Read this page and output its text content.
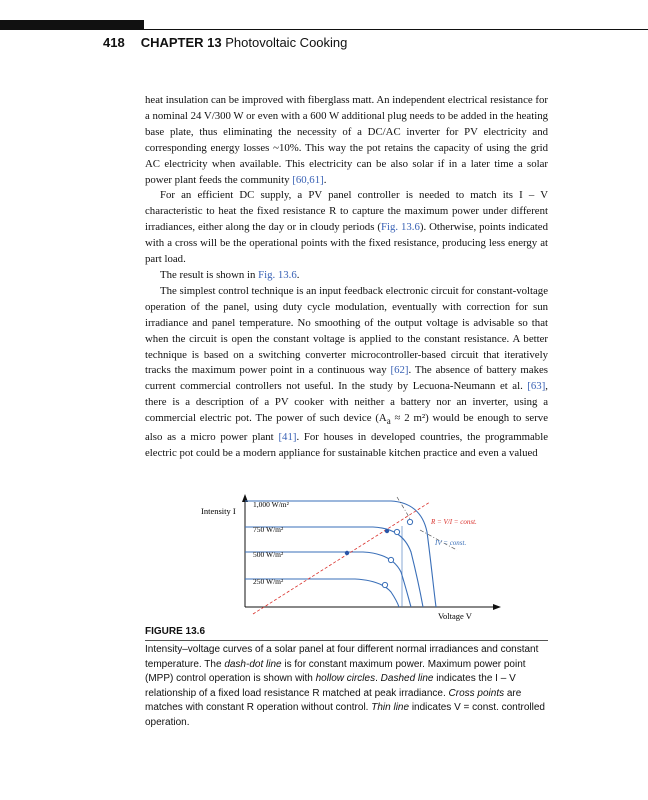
418 CHAPTER 13 Photovoltaic Cooking

heat insulation can be improved with fiberglass matt. An independent electrical resistance for a nominal 24 V/300 W or even with a 600 W additional plug needs to be added in the heating base plate, thus eliminating the necessity of a DC/AC inverter for PV electricity and corresponding energy losses ~10%. This way the pot retains the capacity of using the grid AC electricity when available. This electricity can be also solar if in a later time a solar power plant feeds the community [60,61].

For an efficient DC supply, a PV panel controller is needed to match its I – V characteristic to heat the fixed resistance R to capture the maximum power under different irradiances, either along the day or in cloudy periods (Fig. 13.6). Otherwise, points indicated with a cross will be the operational points with the fixed resistance, producing less energy at part load.

The result is shown in Fig. 13.6.

The simplest control technique is an input feedback electronic circuit for constant-voltage operation of the panel, using duty cycle modulation, eventually with correction for sun irradiance and panel temperature. No smoothing of the output voltage is advisable so that when the circuit is open the constant voltage is applied to the constant resistance. A better technique is based on a switching converter microcontroller-based circuit that iteratively tracks the maximum power point in a continuous way [62]. The absence of battery makes current commercial controllers not useful. In the study by Lecuona-Neumann et al. [63], there is a description of a PV cooker with neither a battery nor an inverter, using a commercial electric pot. The power of such device ($A_a \approx 2$ m²) would be enough to serve also as a micro power plant [41]. For houses in developed countries, the programmable electric pot could be a modern appliance for sustainable kitchen practice and even a valued

Intensity I
Voltage V
1,000 W/m²
750 W/m²
500 W/m²
250 W/m²
R = V/I = const.
IV = const.
FIGURE 13.6
Intensity–voltage curves of a solar panel at four different normal irradiances and constant temperature. The dash-dot line is for constant maximum power. Maximum power point (MPP) control operation is shown with hollow circles. Dashed line indicates the I – V relationship of a fixed load resistance R matched at peak irradiance. Cross points are matches with constant R operation without control. Thin line indicates V = const. controlled operation.
